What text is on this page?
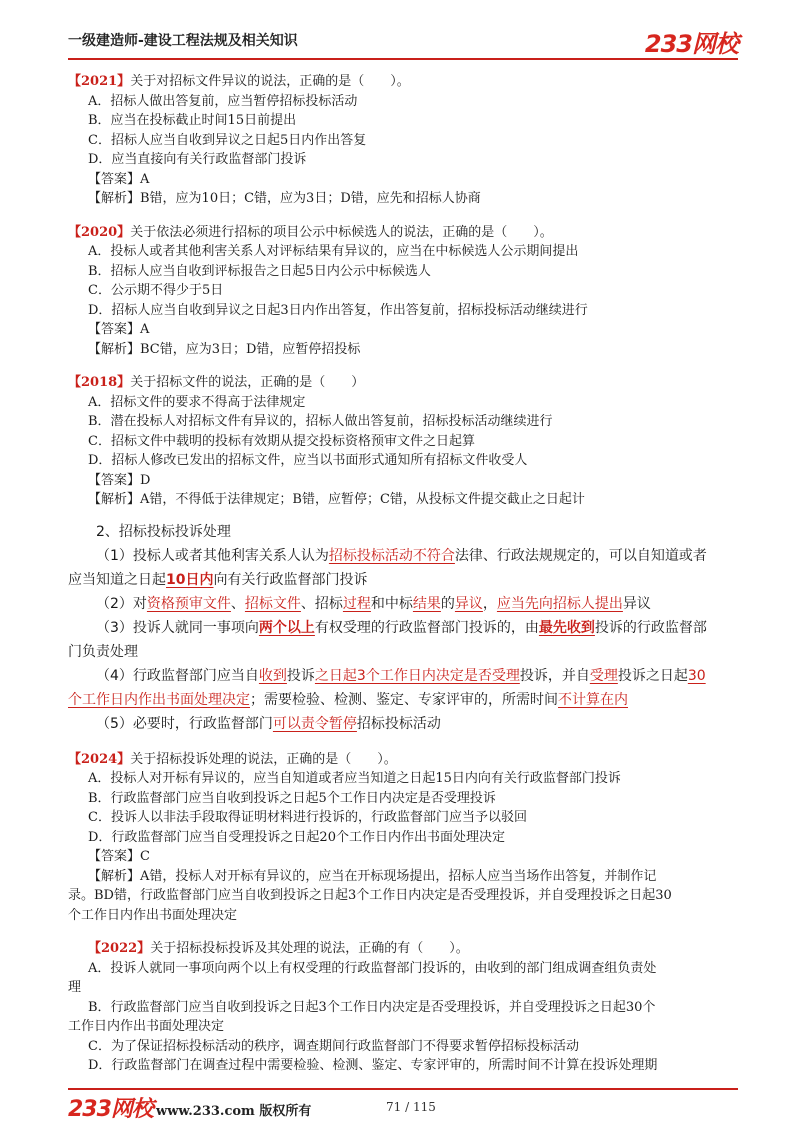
一级建造师-建设工程法规及相关知识	233网校
【2021】关于对招标文件异议的说法，正确的是（　　）。
A．招标人做出答复前，应当暂停招标投标活动
B．应当在投标截止时间15日前提出
C．招标人应当自收到异议之日起5日内作出答复
D．应当直接向有关行政监督部门投诉
【答案】A
【解析】B错，应为10日；C错，应为3日；D错，应先和招标人协商
【2020】关于依法必须进行招标的项目公示中标候选人的说法，正确的是（　　）。
A．投标人或者其他利害关系人对评标结果有异议的，应当在中标候选人公示期间提出
B．招标人应当自收到评标报告之日起5日内公示中标候选人
C．公示期不得少于5日
D．招标人应当自收到异议之日起3日内作出答复，作出答复前，招标投标活动继续进行
【答案】A
【解析】BC错，应为3日；D错，应暂停招投标
【2018】关于招标文件的说法，正确的是（　　）
A．招标文件的要求不得高于法律规定
B．潜在投标人对招标文件有异议的，招标人做出答复前，招标投标活动继续进行
C．招标文件中载明的投标有效期从提交投标资格预审文件之日起算
D．招标人修改已发出的招标文件，应当以书面形式通知所有招标文件收受人
【答案】D
【解析】A错，不得低于法律规定；B错，应暂停；C错，从投标文件提交截止之日起计
2、招标投标投诉处理
（1）投标人或者其他利害关系人认为招标投标活动不符合法律、行政法规规定的，可以自知道或者
应当知道之日起10日内向有关行政监督部门投诉
（2）对资格预审文件、招标文件、招标过程和中标结果的异议，应当先向招标人提出异议
（3）投诉人就同一事项向两个以上有权受理的行政监督部门投诉的，由最先收到投诉的行政监督部
门负责处理
（4）行政监督部门应当自收到投诉之日起3个工作日内决定是否受理投诉，并自受理投诉之日起30
个工作日内作出书面处理决定；需要检验、检测、鉴定、专家评审的，所需时间不计算在内
（5）必要时，行政监督部门可以责令暂停招标投标活动
【2024】关于招标投诉处理的说法，正确的是（　　）。
A．投标人对开标有异议的，应当自知道或者应当知道之日起15日内向有关行政监督部门投诉
B．行政监督部门应当自收到投诉之日起5个工作日内决定是否受理投诉
C．投诉人以非法手段取得证明材料进行投诉的，行政监督部门应当予以驳回
D．行政监督部门应当自受理投诉之日起20个工作日内作出书面处理决定
【答案】C
【解析】A错，投标人对开标有异议的，应当在开标现场提出，招标人应当当场作出答复，并制作记
录。BD错，行政监督部门应当自收到投诉之日起3个工作日内决定是否受理投诉，并自受理投诉之日起30
个工作日内作出书面处理决定
【2022】关于招标投标投诉及其处理的说法，正确的有（　　）。
A．投诉人就同一事项向两个以上有权受理的行政监督部门投诉的，由收到的部门组成调查组负责处
理
B．行政监督部门应当自收到投诉之日起3个工作日内决定是否受理投诉，并自受理投诉之日起30个
工作日内作出书面处理决定
C．为了保证招标投标活动的秩序，调查期间行政监督部门不得要求暂停招标投标活动
D．行政监督部门在调查过程中需要检验、检测、鉴定、专家评审的，所需时间不计算在投诉处理期
233网校 www.233.com 版权所有	71 / 115
